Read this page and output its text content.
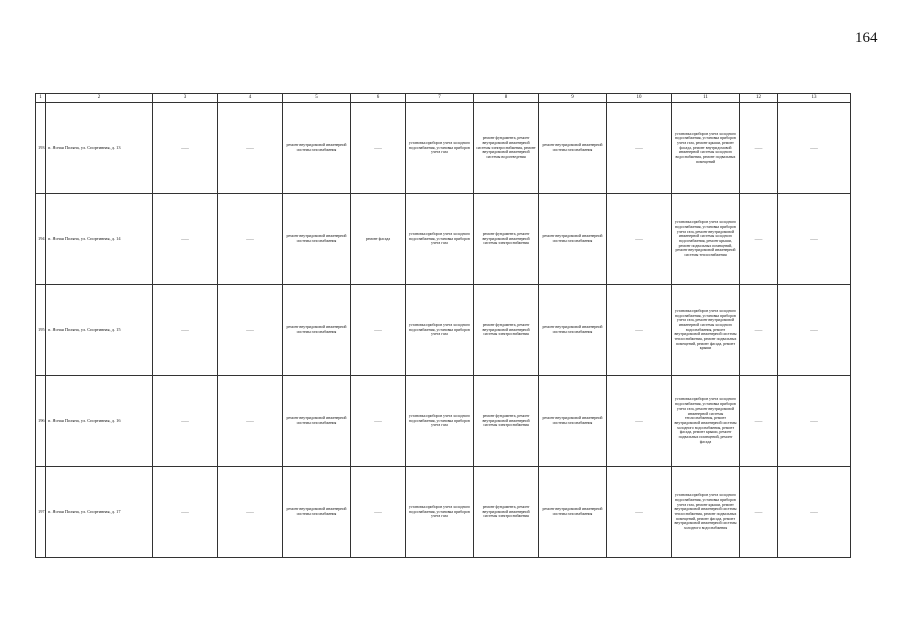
164
1	2	3	4	5	6	7	8	9	10	11	12	13
193	п. Ясная Поляна, ул. Спортивная, д. 13	——	——	ремонт внутридомовой инженерной системы газоснабжения	——	установка приборов учета холодного водоснабжения, установка приборов учета газа	ремонт фундамента, ремонт внутридомовой инженерной системы электроснабжения, ремонт внутридомовой инженерной системы водоотведения	ремонт внутридомовой инженерной системы газоснабжения	——	установка приборов учета холодного водоснабжения, установка приборов учета газа, ремонт крыши, ремонт фасада, ремонт внутридомовой инженерной системы холодного водоснабжения, ремонт подвальных помещений	——	——
194	п. Ясная Поляна, ул. Спортивная, д. 14	——	——	ремонт внутридомовой инженерной системы газоснабжения	ремонт фасада	установка приборов учета холодного водоснабжения, установка приборов учета газа	ремонт фундамента, ремонт внутридомовой инженерной системы электроснабжения	ремонт внутридомовой инженерной системы газоснабжения	——	установка приборов учета холодного водоснабжения, установка приборов учета газа, ремонт внутридомовой инженерной системы холодного водоснабжения, ремонт крыши, ремонт подвальных помещений, ремонт внутридомовой инженерной системы теплоснабжения	——	——
195	п. Ясная Поляна, ул. Спортивная, д. 15	——	——	ремонт внутридомовой инженерной системы газоснабжения	——	установка приборов учета холодного водоснабжения, установка приборов учета газа	ремонт фундамента, ремонт внутридомовой инженерной системы электроснабжения	ремонт внутридомовой инженерной системы газоснабжения	——	установка приборов учета холодного водоснабжения, установка приборов учета газа, ремонт внутридомовой инженерной системы холодного водоснабжения, ремонт внутридомовой инженерной системы теплоснабжения, ремонт подвальных помещений, ремонт фасада, ремонт крыши	——	——
196	п. Ясная Поляна, ул. Спортивная, д. 16	——	——	ремонт внутридомовой инженерной системы газоснабжения	——	установка приборов учета холодного водоснабжения, установка приборов учета газа	ремонт фундамента, ремонт внутридомовой инженерной системы электроснабжения	ремонт внутридомовой инженерной системы газоснабжения	——	установка приборов учета холодного водоснабжения, установка приборов учета газа, ремонт внутридомовой инженерной системы теплоснабжения, ремонт внутридомовой инженерной системы холодного водоснабжения, ремонт фасада, ремонт крыши, ремонт подвальных помещений, ремонт фасада	——	——
197	п. Ясная Поляна, ул. Спортивная, д. 17	——	——	ремонт внутридомовой инженерной системы газоснабжения	——	установка приборов учета холодного водоснабжения, установка приборов учета газа	ремонт фундамента, ремонт внутридомовой инженерной системы электроснабжения	ремонт внутридомовой инженерной системы газоснабжения	——	установка приборов учета холодного водоснабжения, установка приборов учета газа, ремонт крыши, ремонт внутридомовой инженерной системы теплоснабжения, ремонт подвальных помещений, ремонт фасада, ремонт внутридомовой инженерной системы холодного водоснабжения	——	——
